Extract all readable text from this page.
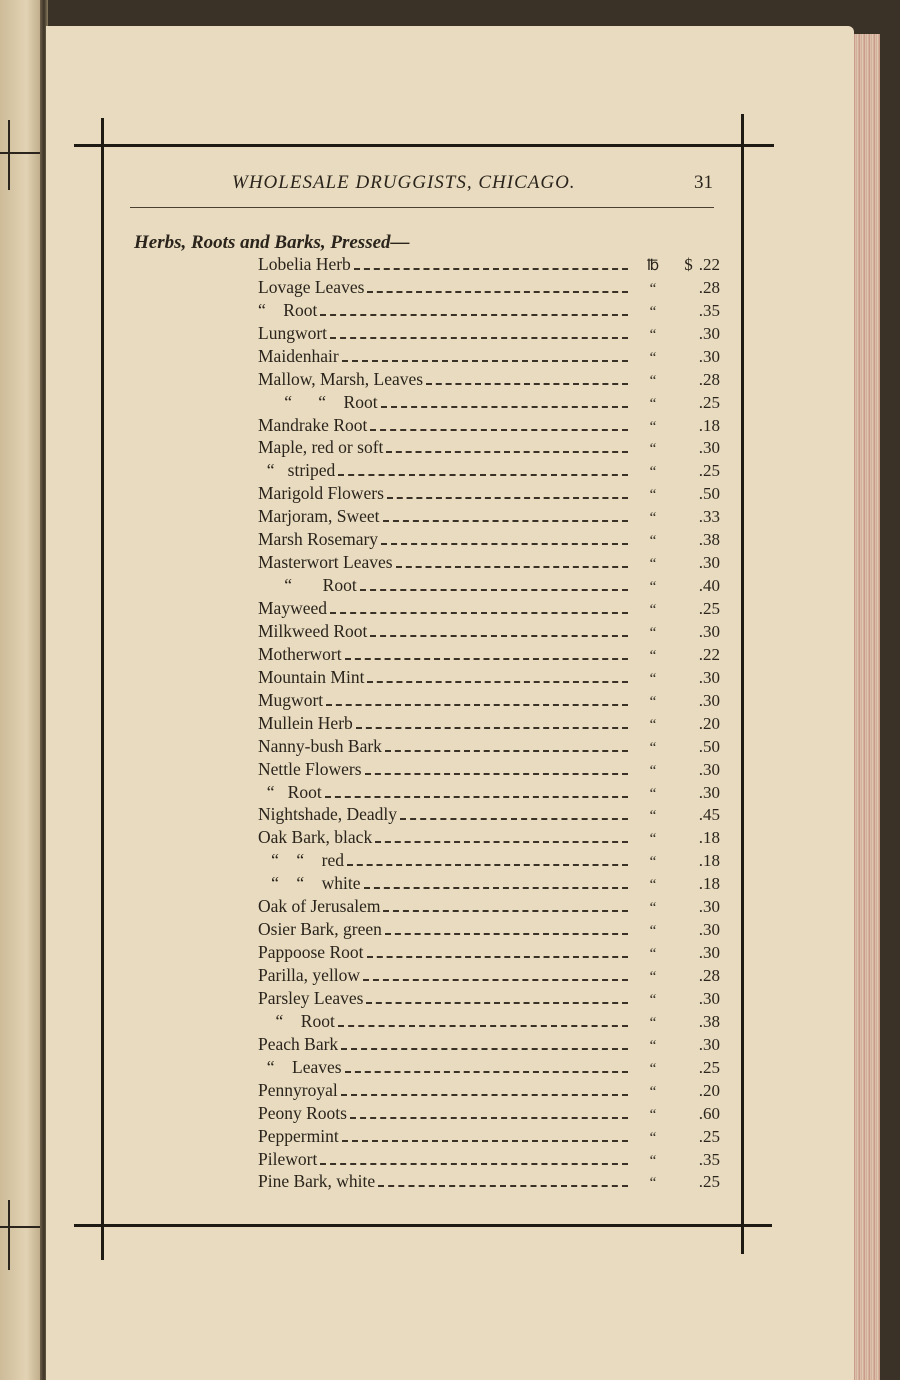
WHOLESALE DRUGGISTS, CHICAGO.	31
Herbs, Roots and Barks, Pressed—
Lobelia Herb	℔	$ .22
Lovage Leaves	“	.28
“    Root	“	.35
Lungwort	“	.30
Maidenhair	“	.30
Mallow, Marsh, Leaves	“	.28
“      “    Root	“	.25
Mandrake Root	“	.18
Maple, red or soft	“	.30
“   striped	“	.25
Marigold Flowers	“	.50
Marjoram, Sweet	“	.33
Marsh Rosemary	“	.38
Masterwort Leaves	“	.30
“       Root	“	.40
Mayweed	“	.25
Milkweed Root	“	.30
Motherwort	“	.22
Mountain Mint	“	.30
Mugwort	“	.30
Mullein Herb	“	.20
Nanny-bush Bark	“	.50
Nettle Flowers	“	.30
“   Root	“	.30
Nightshade, Deadly	“	.45
Oak Bark, black	“	.18
“    “    red	“	.18
“    “    white	“	.18
Oak of Jerusalem	“	.30
Osier Bark, green	“	.30
Pappoose Root	“	.30
Parilla, yellow	“	.28
Parsley Leaves	“	.30
“    Root	“	.38
Peach Bark	“	.30
“    Leaves	“	.25
Pennyroyal	“	.20
Peony Roots	“	.60
Peppermint	“	.25
Pilewort	“	.35
Pine Bark, white	“	.25
